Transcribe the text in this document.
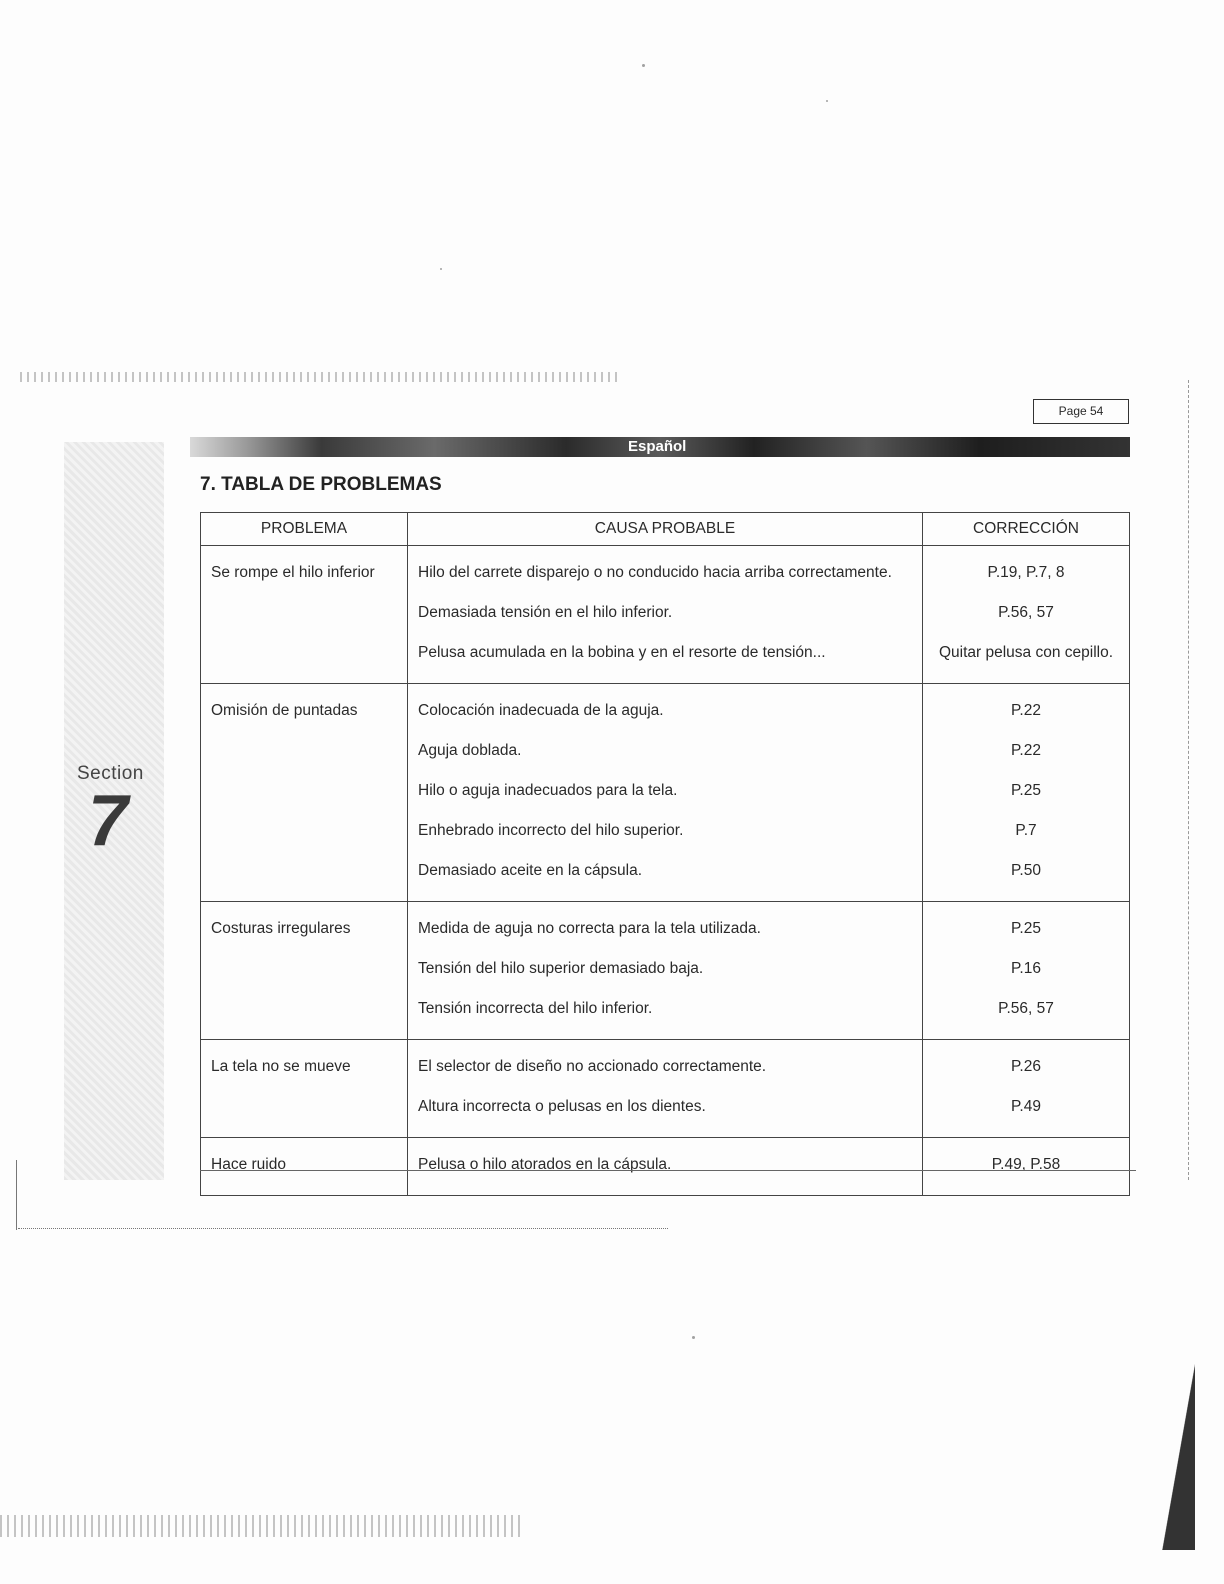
Page 54
Español
Section
7
7. TABLA DE PROBLEMAS
PROBLEMA	CAUSA PROBABLE	CORRECCIÓN
Se rompe el hilo inferior	Hilo del carrete disparejo o no conducido hacia arriba correctamente.	P.19, P.7, 8
	Demasiada tensión en el hilo inferior.	P.56, 57
	Pelusa acumulada en la bobina y en el resorte de tensión...	Quitar pelusa con cepillo.
Omisión de puntadas	Colocación inadecuada de la aguja.	P.22
	Aguja doblada.	P.22
	Hilo o aguja inadecuados para la tela.	P.25
	Enhebrado incorrecto del hilo superior.	P.7
	Demasiado aceite en la cápsula.	P.50
Costuras irregulares	Medida de aguja no correcta para la tela utilizada.	P.25
	Tensión del hilo superior demasiado baja.	P.16
	Tensión incorrecta del hilo inferior.	P.56, 57
La tela no se mueve	El selector de diseño no accionado correctamente.	P.26
	Altura incorrecta o pelusas en los dientes.	P.49
Hace ruido	Pelusa o hilo atorados en la cápsula.	P.49, P.58
